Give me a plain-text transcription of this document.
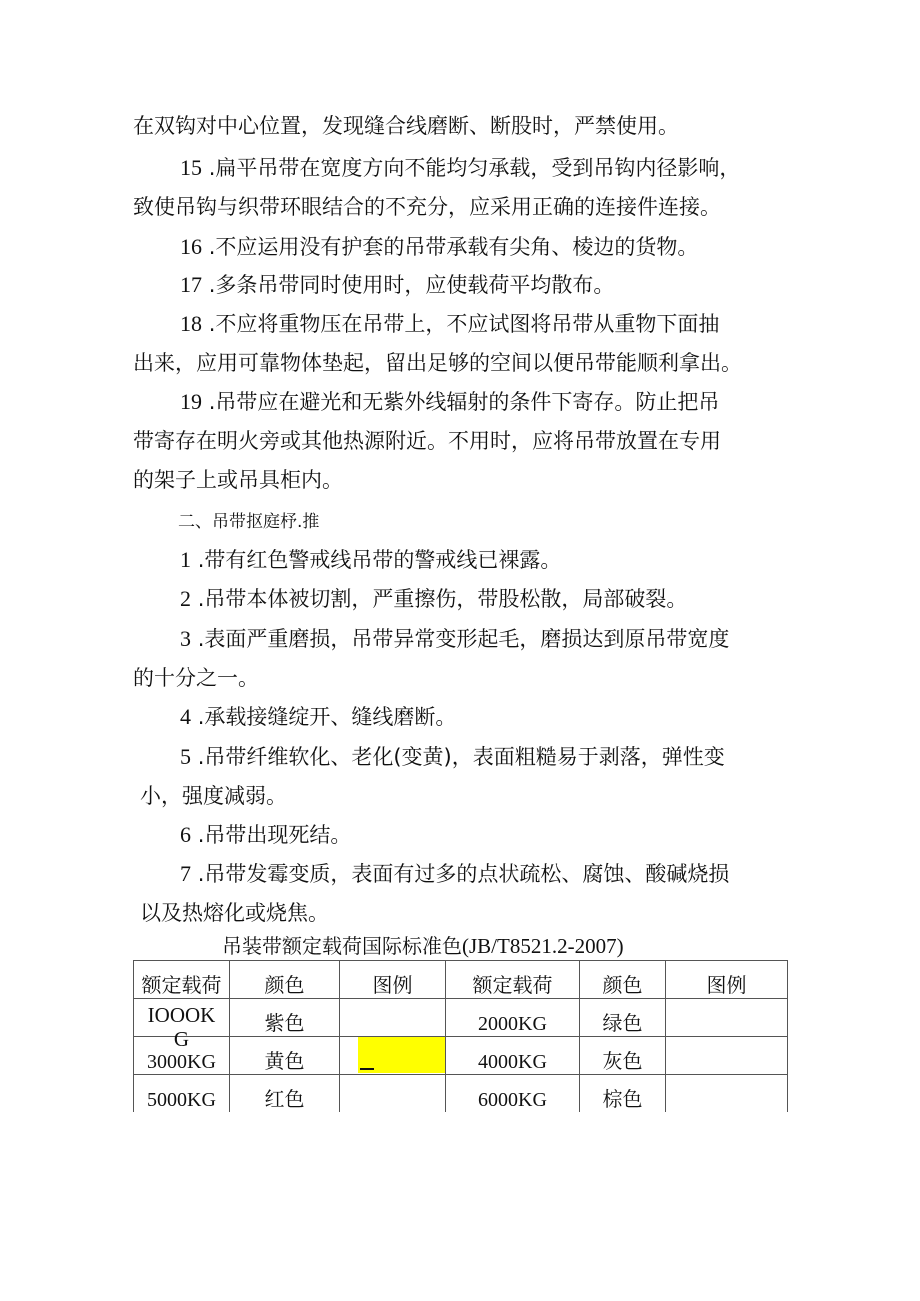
在双钩对中心位置，发现缝合线磨断、断股时，严禁使用。
15 .扁平吊带在宽度方向不能均匀承载，受到吊钩内径影响，
致使吊钩与织带环眼结合的不充分，应采用正确的连接件连接。
16 .不应运用没有护套的吊带承载有尖角、棱边的货物。
17 .多条吊带同时使用时，应使载荷平均散布。
18 .不应将重物压在吊带上，不应试图将吊带从重物下面抽
出来，应用可靠物体垫起，留出足够的空间以便吊带能顺利拿出。
19 .吊带应在避光和无紫外线辐射的条件下寄存。防止把吊
带寄存在明火旁或其他热源附近。不用时，应将吊带放置在专用
的架子上或吊具柜内。
二、吊带抠庭杼.推
1 .带有红色警戒线吊带的警戒线已裸露。
2 .吊带本体被切割，严重擦伤，带股松散，局部破裂。
3 .表面严重磨损，吊带异常变形起毛，磨损达到原吊带宽度
的十分之一。
4 .承载接缝绽开、缝线磨断。
5 .吊带纤维软化、老化(变黄)，表面粗糙易于剥落，弹性变
小，强度减弱。
6 .吊带出现死结。
7 .吊带发霉变质，表面有过多的点状疏松、腐蚀、酸碱烧损
以及热熔化或烧焦。
吊装带额定载荷国际标准色(JB/T8521.2-2007)
额定载荷	颜色	图例	额定载荷	颜色	图例

IOOOK
G	紫色		2000KG	绿色	
3000KG	黄色		4000KG	灰色	
5000KG	红色		6000KG	棕色	
